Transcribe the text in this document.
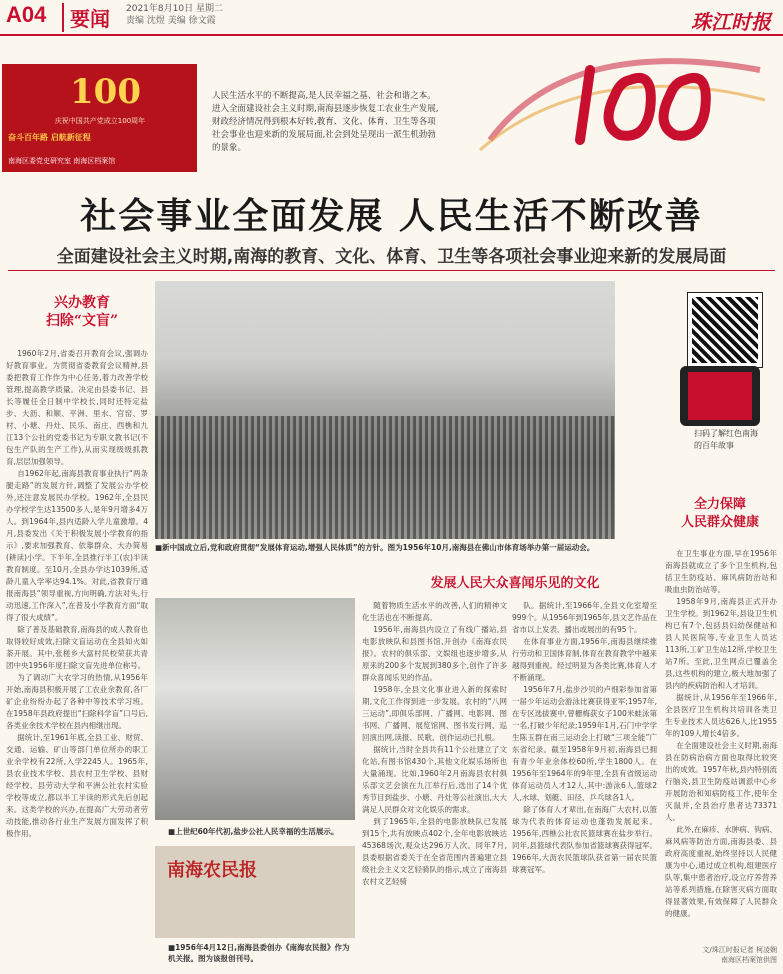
A04	要闻 2021年8月10日 星期二
责编 沈煜 美编 徐文霞	珠江时报
100
庆祝中国共产党成立100周年
奋斗百年路 启航新征程
南海区委党史研究室 南海区档案馆
人民生活水平的不断提高,是人民幸福之基、社会和谐之本。进入全面建设社会主义时期,南海县逐步恢复工农业生产发展,财政经济情况得到根本好转,教育、文化、体育、卫生等各项社会事业也迎来新的发展局面,社会到处呈现出一派生机勃勃的景象。
社会事业全面发展 人民生活不断改善
全面建设社会主义时期,南海的教育、文化、体育、卫生等各项社会事业迎来新的发展局面
兴办教育
扫除“文盲”

1960年2月,省委召开教育会议,强调办好教育事业。为贯彻省委教育会议精神,县委把教育工作作为中心任务,着力改善学校管理,提高教学质量。决定由县委书记、县长等履任全日制中学校长,同时还特定盐步、大沥、和顺、平洲、里水、官窑、罗村、小塘、丹灶、民乐、南庄、西樵和九江13个公社的党委书记为专职文教书记(不包生产队的生产工作),从而实现级级抓教育,层层加强领导。

自1962年起,南海县教育事业执行“两条腿走路”的发展方针,调整了发展公办学校外,还注意发展民办学校。1962年,全县民办学校学生达13500多人,是年9月增多4万人。到1964年,县内适龄入学儿童激增。4月,县委发出《关于积极发展小学教育的指示》,要求加强教育、依靠群众、大办简易(耕读)小学。下半年,全县推行半工(农)半读教育制度。至10月,全县办学达1039所,适龄儿童入学率达94.1%。对此,省教育厅通报南海县“领导重视,方向明确,方法对头,行动迅速,工作深入”,在普及小学教育方面“取得了很大成绩”。

除了普及基础教育,南海县的成人教育也取得较好成效,扫除文盲运动在全县如火如荼开展。其中,张槎乡大富村民校荣获共青团中央1956年度扫除文盲先进单位称号。

为了调动广大农学习的热情,从1956年开始,南海县积极开展了工农业余教育,各厂矿企业纷纷办起了各种中等技术学习班。在1958年县政府提出“扫除科学盲”口号后,各类业余技术学校在县内相继出现。

据统计,至1961年底,全县工业、财贸、交通、运输、矿山等部门单位所办的职工业余学校有22所,入学2245人。1965年,县农业技术学校、县农村卫生学校、县财经学校、县劳动大学和平洲公社农村实验学校等成立,都以半工半读的形式先后创起来。这类学校的兴办,在提高广大劳动者劳动技能,推动各行业生产发展方面发挥了积极作用。

■新中国成立后,党和政府贯彻“发展体育运动,增强人民体质”的方针。图为1956年10月,南海县在佛山市体育场举办第一届运动会。
扫码了解红色南海的百年故事
全力保障
人民群众健康

在卫生事业方面,早在1956年南海县就成立了多个卫生机构,包括卫生防疫站、麻风病防治站和吸血虫防治站等。

1958年9月,南海县正式开办卫生学校。到1962年,县设卫生机构已有7个,包括县妇幼保健站和县人民医院等,专业卫生人员达113所,工矿卫生站12所,学校卫生站7所。至此,卫生网点已覆盖全县,这些机构的建立,极大地加强了县内的疾病防治和人才培训。

据统计,从1956年至1966年,全县医疗卫生机构共培训各类卫生专业技术人员达626人,比1955年的109人增长4倍多。

在全面建设社会主义时期,南海县在防病治病方面也取得比较突出的成效。1957年秋,县内特别流行脑炎,县卫生防疫站调派中心乡开展防治和知病防疫工作,使年全灭鼠并,全县治疗患者达73371人。

此外,在麻疹、水肿病、钩病、麻风病等防治方面,南海县委、县政府高度重视,始终坚持以人民健康为中心,通过成立机构,组建医疗队等,集中患者治疗,设立疗养营养站等系列措施,在除害灭病方面取得显著效果,有效保障了人民群众的健康。

文/珠江时报记者 柯凌娴
南海区档案馆供图
■上世纪60年代初,盐步公社人民幸福的生活展示。
南海农民报
■1956年4月12日,南海县委创办《南海农民报》作为机关报。图为该报创刊号。
发展人民大众喜闻乐见的文化

随着物质生活水平的改善,人们的精神文化生活也在不断提高。

1956年,南海县内设立了有线广播站,县电影放映队和县图书馆,开创办《南海农民报》。农村的俱乐部、文娱组也逐步增多,从原来的200多个发展到380多个,创作了许多群众喜闻乐见的作品。

1958年,全县文化事业进入新的探索时期,文化工作得到进一步发展。农村的“八网三运动”,即俱乐部网、广播网、电影网、图书网、广播网、展览馆网、图书发行网、巡回演出网,读报、民歌、创作运动已扎根。

据统计,当时全县共有11个公社建立了文化站,有图书馆430个,其他文化娱乐场所也大量涌现。比如,1960年2月南海县农村俱乐部文艺会演在九江举行后,选出了14个优秀节目到盐步、小塘、丹灶等公社演出,大大满足人民群众对文化娱乐的需求。

到了1965年,全县的电影放映队已发展到15个,共有放映点402个,全年电影放映达45368场次,观众达296万人次。同年7月,县委根据省委关于在全省范围内普遍建立县级社会主义文艺轻骑队的指示,成立了南海县农村文艺轻骑

队。据统计,至1966年,全县文化室增至999个。从1956年到1965年,县文艺作品在省市以上发表、播出或展出的有95个。

在体育事业方面,1956年,南海县继续推行劳动和卫国体育制,体育在教育教学中越来越得到重视。经过明显为各类比赛,体育人才不断涌现。

1956年7月,盐步沙贝的卢细彩参加省第一届少年运动会游泳比赛获得亚军;1957年,在专区选拔赛中,曾栅梅获女子100米蛙泳第一名,打破少年纪录;1959年1月,石门中学学生陈玉群在南三运动会上打破“三项全能”广东省纪录。截至1958年9月初,南海县已拥有青少年业余体校60所,学生1800人。在1956年至1964年的9年里,全县有省级运动体育运动员人才12人,其中:游泳6人,篮球2人,水球、划艇、田径、乒乓球各1人。

除了体育人才辈出,在南海广大农村,以篮球为代表的体育运动也蓬勃发展起来。1956年,西樵公社农民篮球赛在盐步举行。同年,县篮球代表队参加省篮球赛获得冠军。1966年,大沥农民篮球队获省第一届农民篮球赛冠军。
